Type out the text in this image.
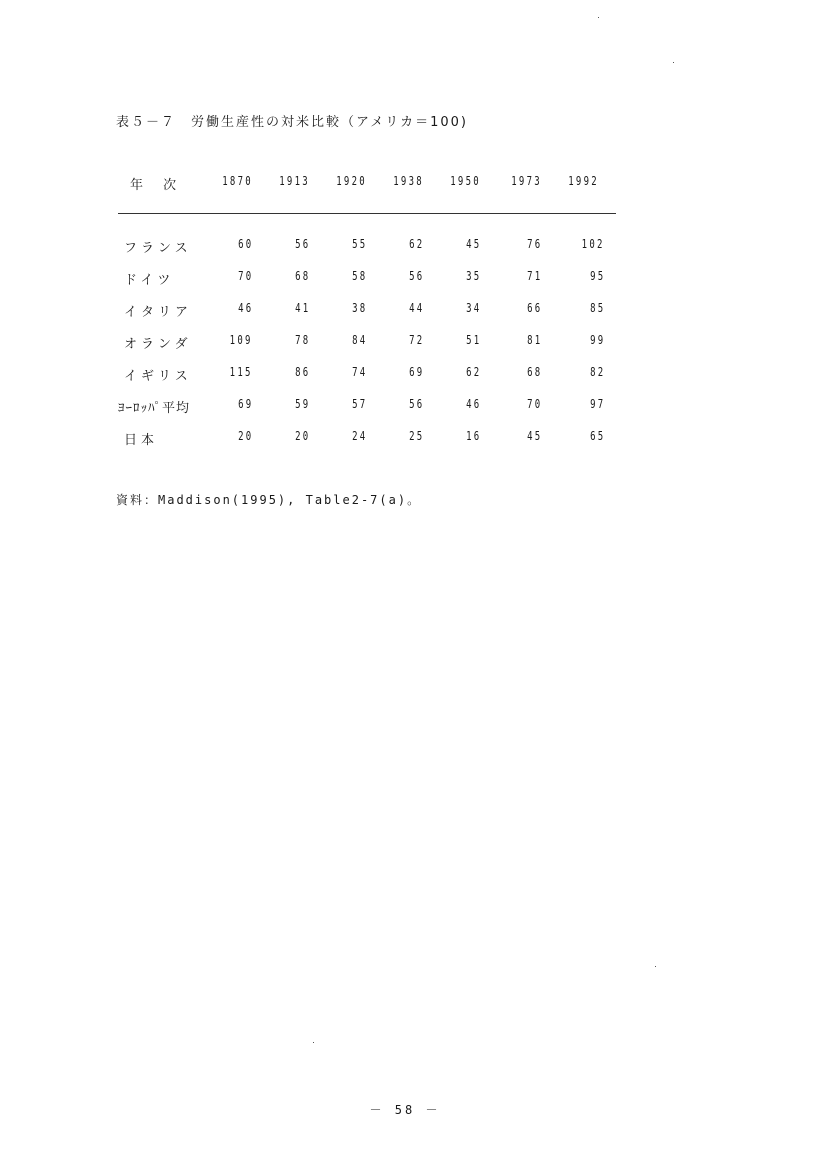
表５－７　労働生産性の対米比較（アメリカ＝100)
年 次	1870 1913 1920 1938 1950	1973 1992
フランス	60	56	55	62	45	76	102
ドイツ	70	68	58	56	35	71	95
イタリア	46	41	38	44	34	66	85
オランダ	109	78	84	72	51	81	99
イギリス	115	86	74	69	62	68	82
ﾖｰﾛｯﾊﾟ平均	69	59	57	56	46	70	97
日本	20	20	24	25	16	45	65
資料：Maddison(1995), Table2-7(a)。
－ 58 －
